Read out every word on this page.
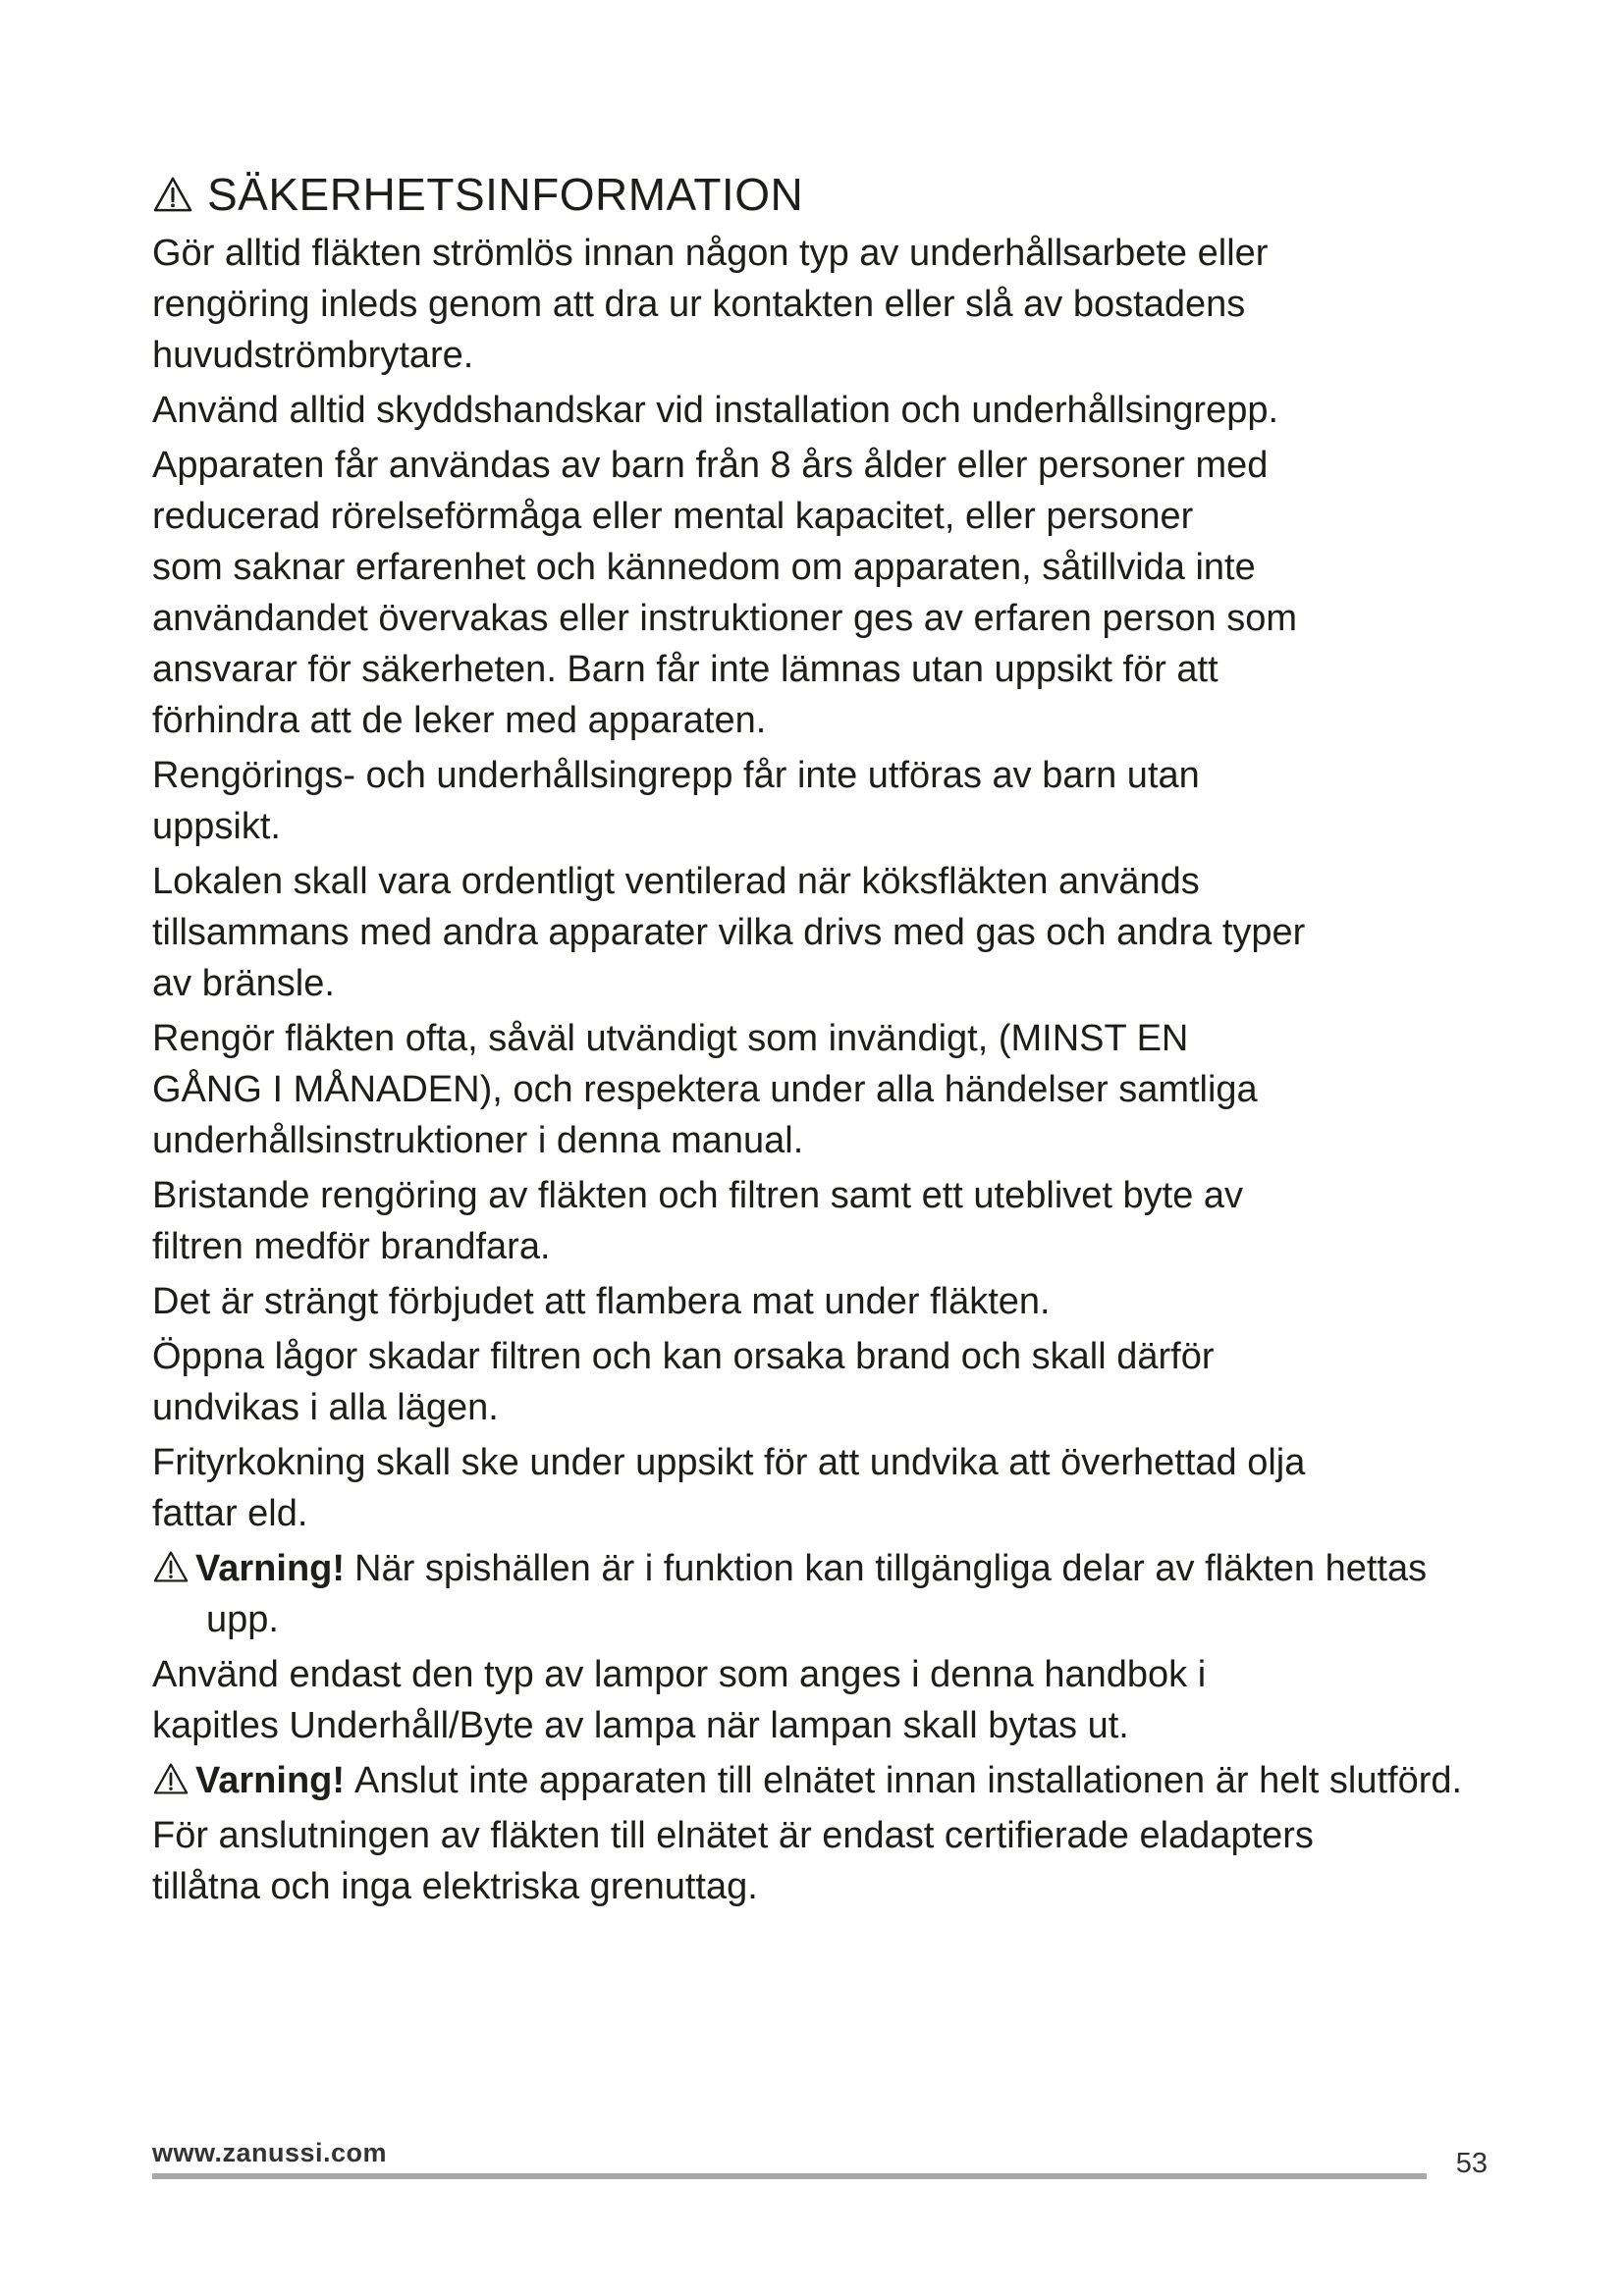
SÄKERHETSINFORMATION
Gör alltid fläkten strömlös innan någon typ av underhållsarbete eller
rengöring inleds genom att dra ur kontakten eller slå av bostadens
huvudströmbrytare.
Använd alltid skyddshandskar vid installation och underhållsingrepp.
Apparaten får användas av barn från 8 års ålder eller personer med
reducerad rörelseförmåga eller mental kapacitet, eller personer
som saknar erfarenhet och kännedom om apparaten, såtillvida inte
användandet övervakas eller instruktioner ges av erfaren person som
ansvarar för säkerheten. Barn får inte lämnas utan uppsikt för att
förhindra att de leker med apparaten.
Rengörings- och underhållsingrepp får inte utföras av barn utan
uppsikt.
Lokalen skall vara ordentligt ventilerad när köksfläkten används
tillsammans med andra apparater vilka drivs med gas och andra typer
av bränsle.
Rengör fläkten ofta, såväl utvändigt som invändigt, (MINST EN
GÅNG I MÅNADEN), och respektera under alla händelser samtliga
underhållsinstruktioner i denna manual.
Bristande rengöring av fläkten och filtren samt ett uteblivet byte av
filtren medför brandfara.
Det är strängt förbjudet att flambera mat under fläkten.
Öppna lågor skadar filtren och kan orsaka brand och skall därför
undvikas i alla lägen.
Frityrkokning skall ske under uppsikt för att undvika att överhettad olja
fattar eld.
Varning! När spishällen är i funktion kan tillgängliga delar av fläkten hettas upp.
Använd endast den typ av lampor som anges i denna handbok i
kapitles Underhåll/Byte av lampa när lampan skall bytas ut.
Varning! Anslut inte apparaten till elnätet innan installationen är helt slutförd.
För anslutningen av fläkten till elnätet är endast certifierade eladapters
tillåtna och inga elektriska grenuttag.
www.zanussi.com	53
